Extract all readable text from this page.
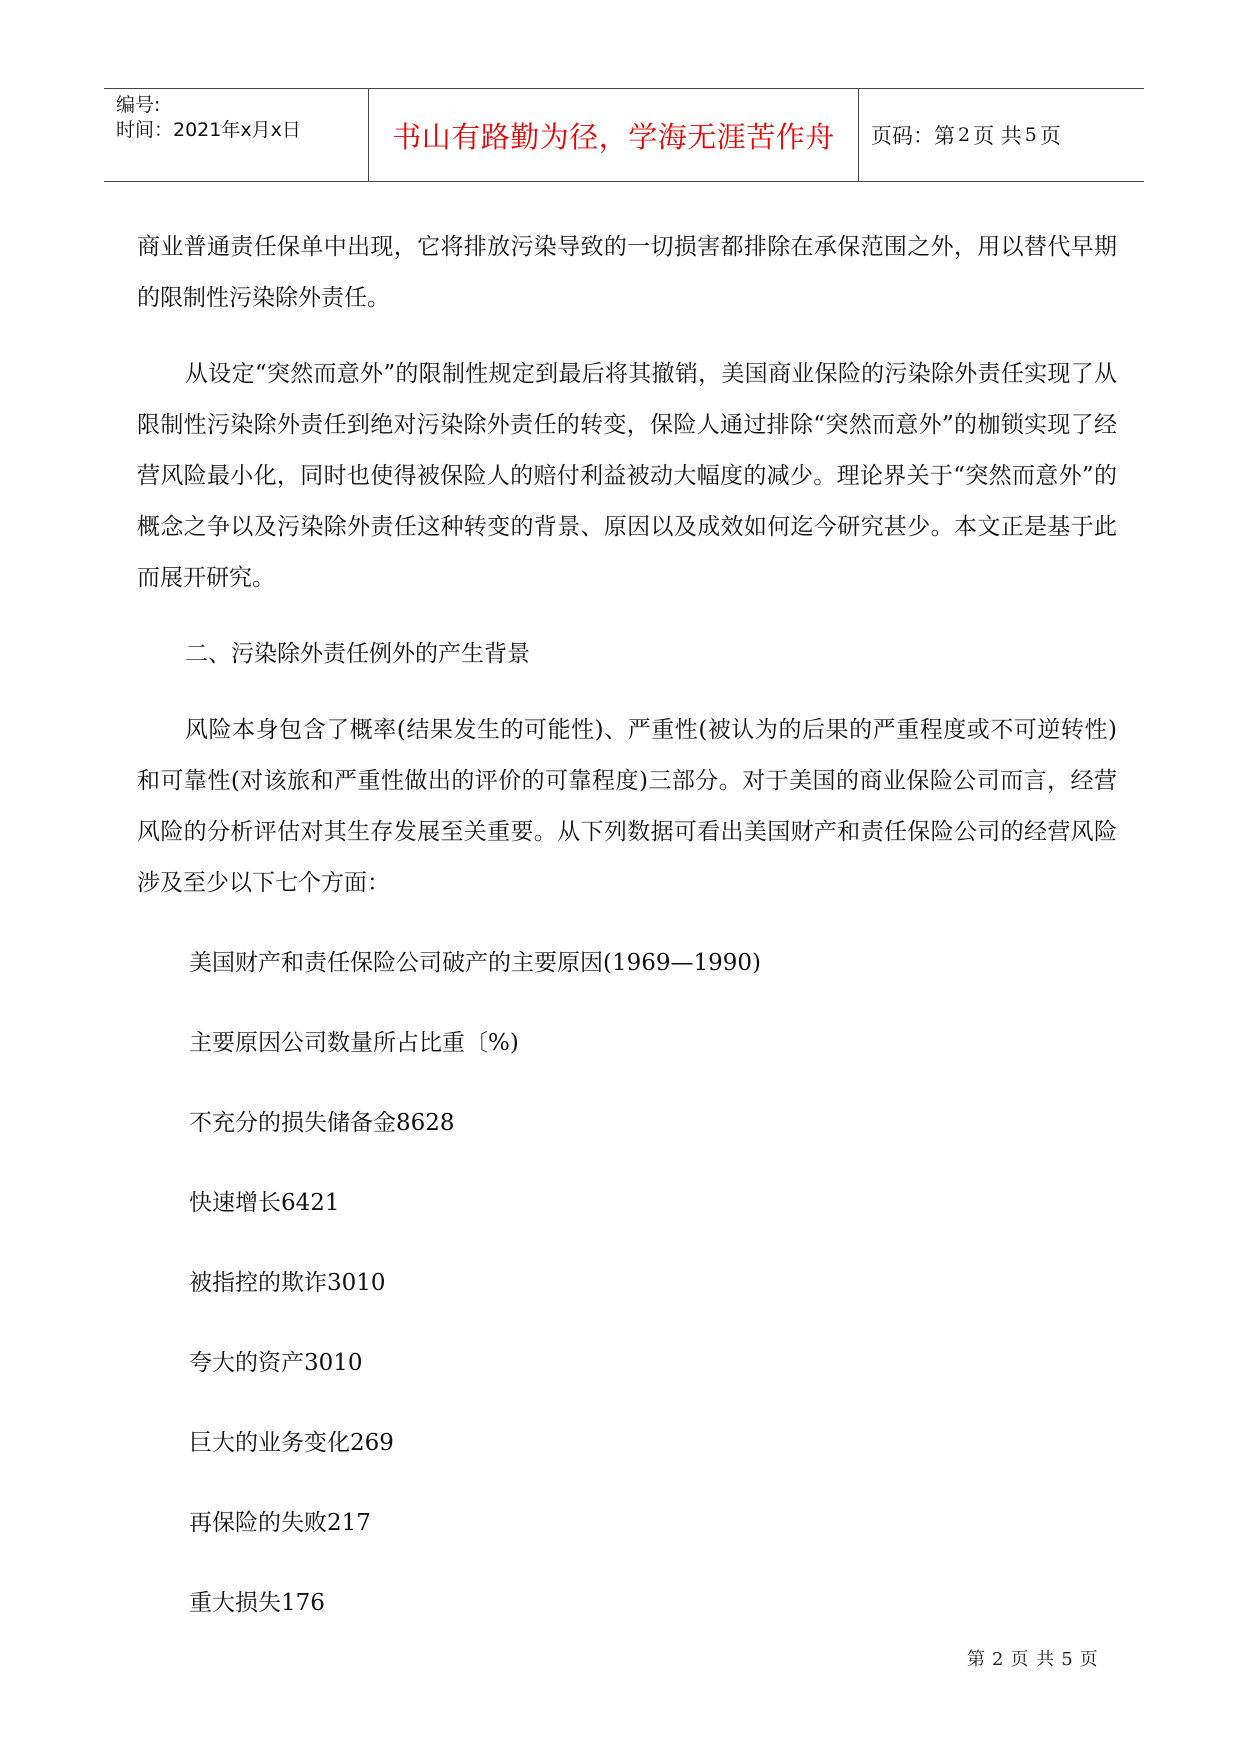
编号:
时间：2021年x月x日	书山有路勤为径，学海无涯苦作舟 页码：第 2 页 共 5 页

商业普通责任保单中出现，它将排放污染导致的一切损害都排除在承保范围之外，用以替代早期的限制性污染除外责任。

从设定“突然而意外”的限制性规定到最后将其撤销，美国商业保险的污染除外责任实现了从限制性污染除外责任到绝对污染除外责任的转变，保险人通过排除“突然而意外”的枷锁实现了经营风险最小化，同时也使得被保险人的赔付利益被动大幅度的减少。理论界关于“突然而意外”的概念之争以及污染除外责任这种转变的背景、原因以及成效如何迄今研究甚少。本文正是基于此而展开研究。

二、污染除外责任例外的产生背景

风险本身包含了概率(结果发生的可能性)、严重性(被认为的后果的严重程度或不可逆转性)和可靠性(对该旅和严重性做出的评价的可靠程度)三部分。对于美国的商业保险公司而言，经营风险的分析评估对其生存发展至关重要。从下列数据可看出美国财产和责任保险公司的经营风险涉及至少以下七个方面：

美国财产和责任保险公司破产的主要原因(1969—1990)
主要原因公司数量所占比重〔%)
不充分的损失储备金8628
快速增长6421
被指控的欺诈3010
夸大的资产3010
巨大的业务变化269
再保险的失败217
重大损失176
第 2 页 共 5 页
